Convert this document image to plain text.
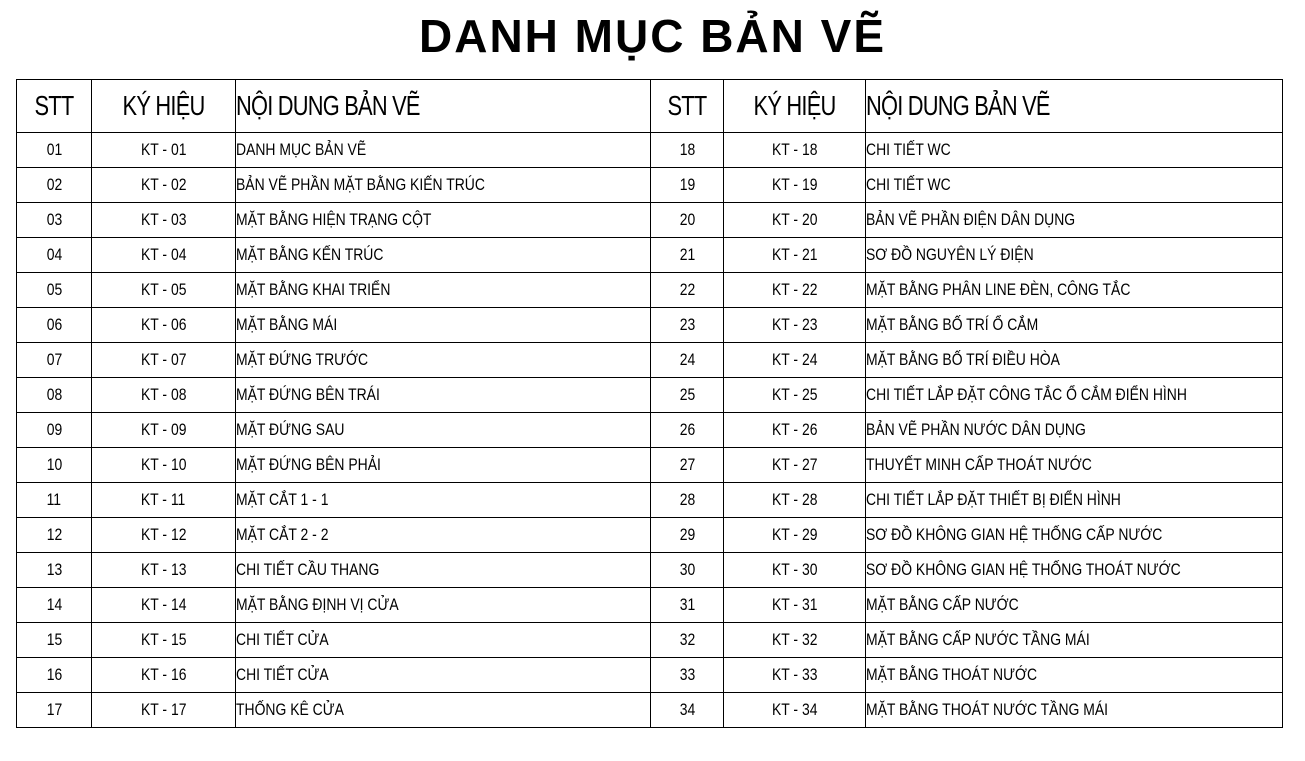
DANH MỤC BẢN VẼ
STT	KÝ HIỆU	NỘI DUNG BẢN VẼ	STT	KÝ HIỆU	NỘI DUNG BẢN VẼ
01	KT - 01	DANH MỤC BẢN VẼ	18	KT - 18	CHI TIẾT WC
02	KT - 02	BẢN VẼ PHẦN MẶT BẰNG KIẾN TRÚC	19	KT - 19	CHI TIẾT WC
03	KT - 03	MẶT BẰNG HIỆN TRẠNG CỘT	20	KT - 20	BẢN VẼ PHẦN ĐIỆN DÂN DỤNG
04	KT - 04	MẶT BẰNG KẾN TRÚC	21	KT - 21	SƠ ĐỒ NGUYÊN LÝ ĐIỆN
05	KT - 05	MẶT BẰNG KHAI TRIỂN	22	KT - 22	MẶT BẰNG PHÂN LINE ĐÈN, CÔNG TẮC
06	KT - 06	MẶT BẰNG MÁI	23	KT - 23	MẶT BẰNG BỐ TRÍ Ổ CẮM
07	KT - 07	MẶT ĐỨNG TRƯỚC	24	KT - 24	MẶT BẰNG BỐ TRÍ ĐIỀU HÒA
08	KT - 08	MẶT ĐỨNG BÊN TRÁI	25	KT - 25	CHI TIẾT LẮP ĐẶT CÔNG TẮC Ổ CẮM ĐIỂN HÌNH
09	KT - 09	MẶT ĐỨNG SAU	26	KT - 26	BẢN VẼ PHẦN NƯỚC DÂN DỤNG
10	KT - 10	MẶT ĐỨNG BÊN PHẢI	27	KT - 27	THUYẾT MINH CẤP THOÁT NƯỚC
11	KT - 11	MẶT CẮT 1 - 1	28	KT - 28	CHI TIẾT LẮP ĐẶT THIẾT BỊ ĐIỂN HÌNH
12	KT - 12	MẶT CẮT 2 - 2	29	KT - 29	SƠ ĐỒ KHÔNG GIAN HỆ THỐNG CẤP NƯỚC
13	KT - 13	CHI TIẾT CẦU THANG	30	KT - 30	SƠ ĐỒ KHÔNG GIAN HỆ THỐNG THOÁT NƯỚC
14	KT - 14	MẶT BẰNG ĐỊNH VỊ CỬA	31	KT - 31	MẶT BẰNG CẤP NƯỚC
15	KT - 15	CHI TIẾT CỬA	32	KT - 32	MẶT BẰNG CẤP NƯỚC TẦNG MÁI
16	KT - 16	CHI TIẾT CỬA	33	KT - 33	MẶT BẰNG THOÁT NƯỚC
17	KT - 17	THỐNG KÊ CỬA	34	KT - 34	MẶT BẰNG THOÁT NƯỚC TẦNG MÁI
